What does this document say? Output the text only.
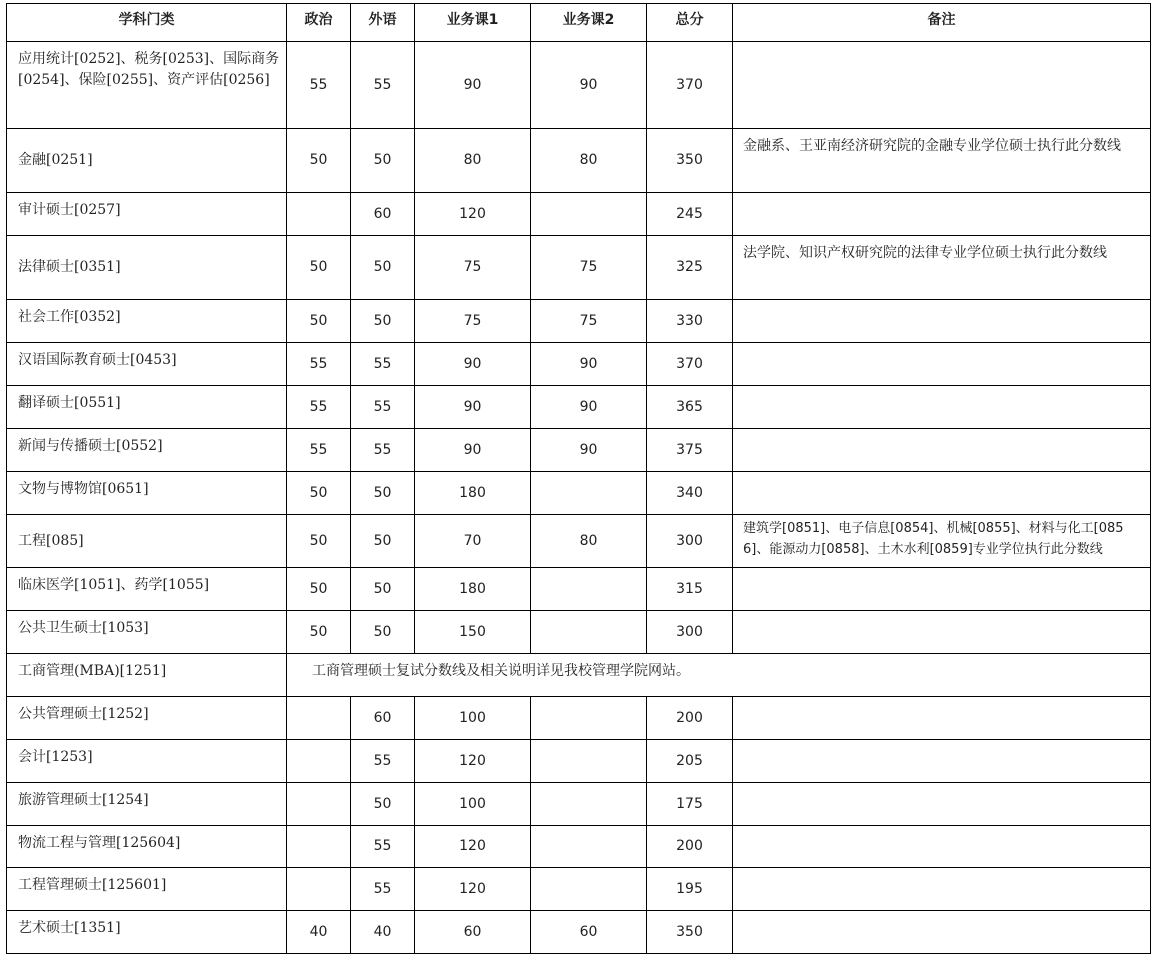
学科门类	政治	外语	业务课1	业务课2	总分	备注
应用统计[0252]、税务[0253]、国际商务[0254]、保险[0255]、资产评估[0256]	55	55	90	90	370	
金融[0251]	50	50	80	80	350	金融系、王亚南经济研究院的金融专业学位硕士执行此分数线
审计硕士[0257]		60	120		245	
法律硕士[0351]	50	50	75	75	325	法学院、知识产权研究院的法律专业学位硕士执行此分数线
社会工作[0352]	50	50	75	75	330	
汉语国际教育硕士[0453]	55	55	90	90	370	
翻译硕士[0551]	55	55	90	90	365	
新闻与传播硕士[0552]	55	55	90	90	375	
文物与博物馆[0651]	50	50	180		340	
工程[085]	50	50	70	80	300	建筑学[0851]、电子信息[0854]、机械[0855]、材料与化工[0856]、能源动力[0858]、土木水利[0859]专业学位执行此分数线
临床医学[1051]、药学[1055]	50	50	180		315	
公共卫生硕士[1053]	50	50	150		300	
工商管理(MBA)[1251]	工商管理硕士复试分数线及相关说明详见我校管理学院网站。					
公共管理硕士[1252]		60	100		200	
会计[1253]		55	120		205	
旅游管理硕士[1254]		50	100		175	
物流工程与管理[125604]		55	120		200	
工程管理硕士[125601]		55	120		195	
艺术硕士[1351]	40	40	60	60	350	
